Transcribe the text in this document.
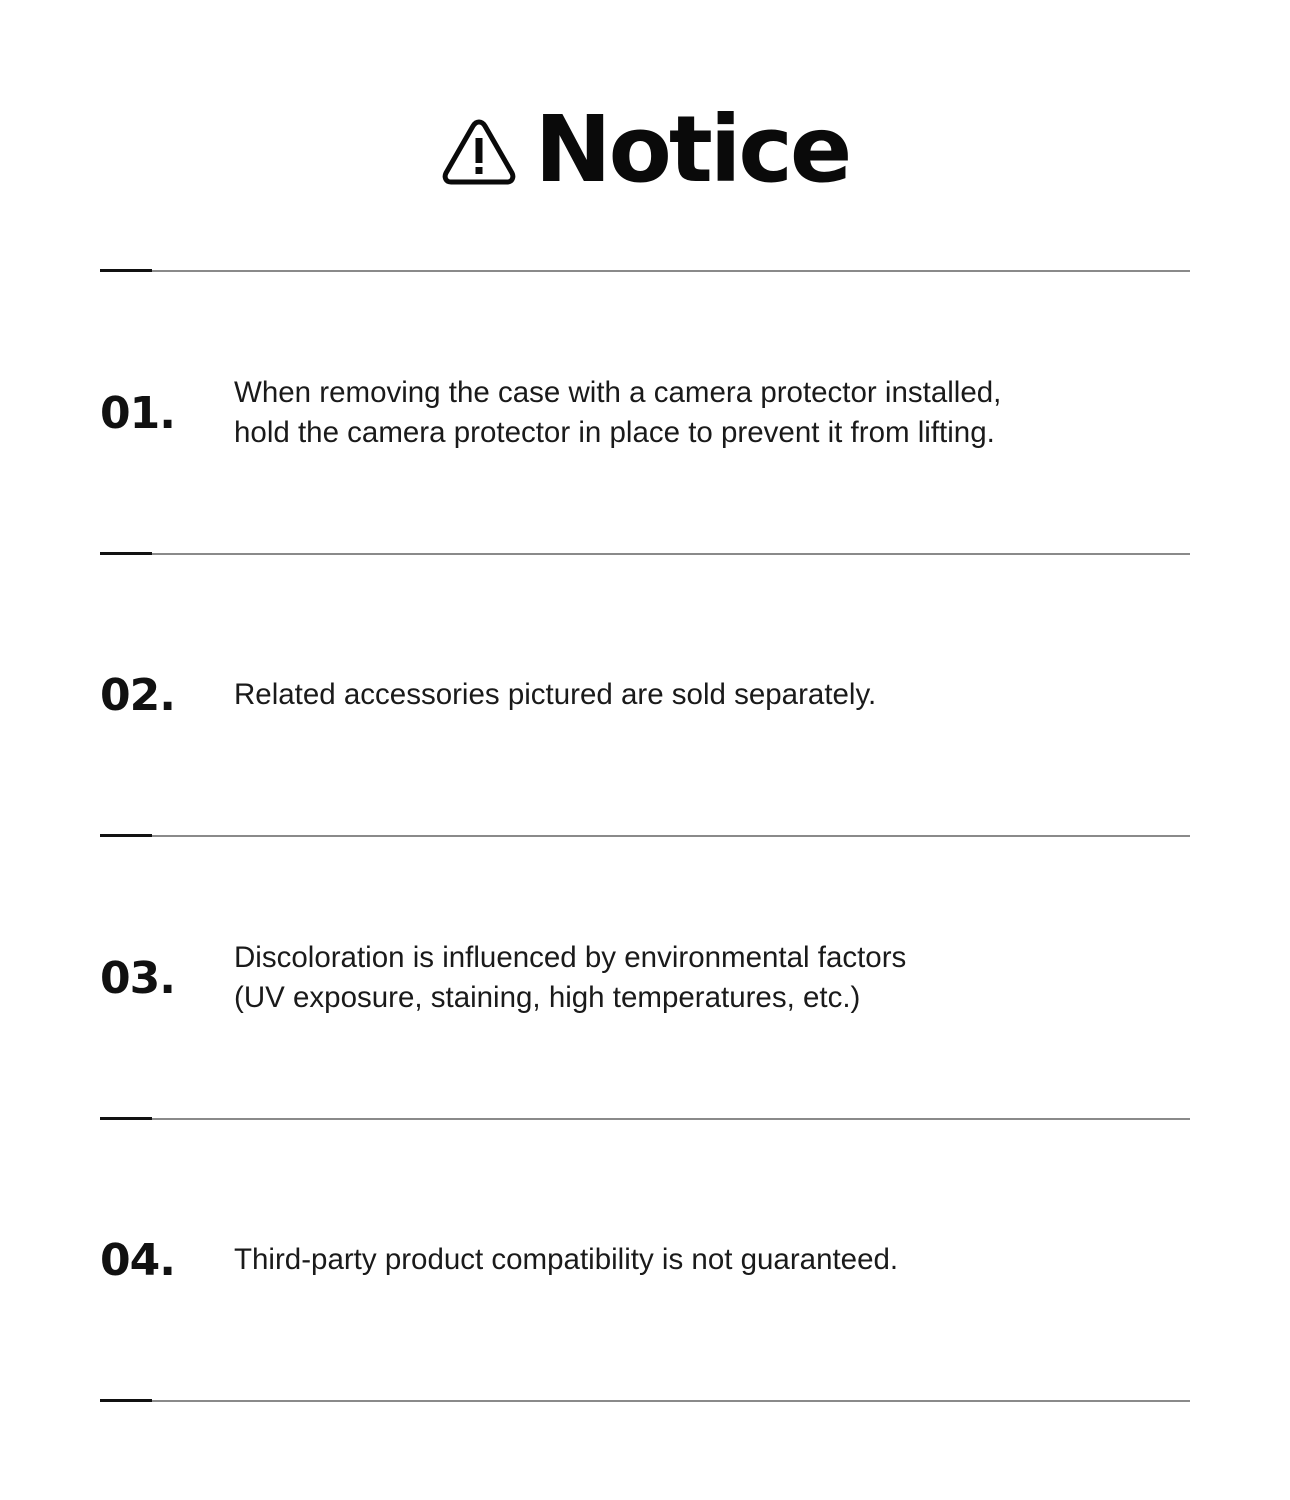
Notice
01. When removing the case with a camera protector installed,
hold the camera protector in place to prevent it from lifting.
02. Related accessories pictured are sold separately.
03. Discoloration is influenced by environmental factors
(UV exposure, staining, high temperatures, etc.)
04. Third-party product compatibility is not guaranteed.
